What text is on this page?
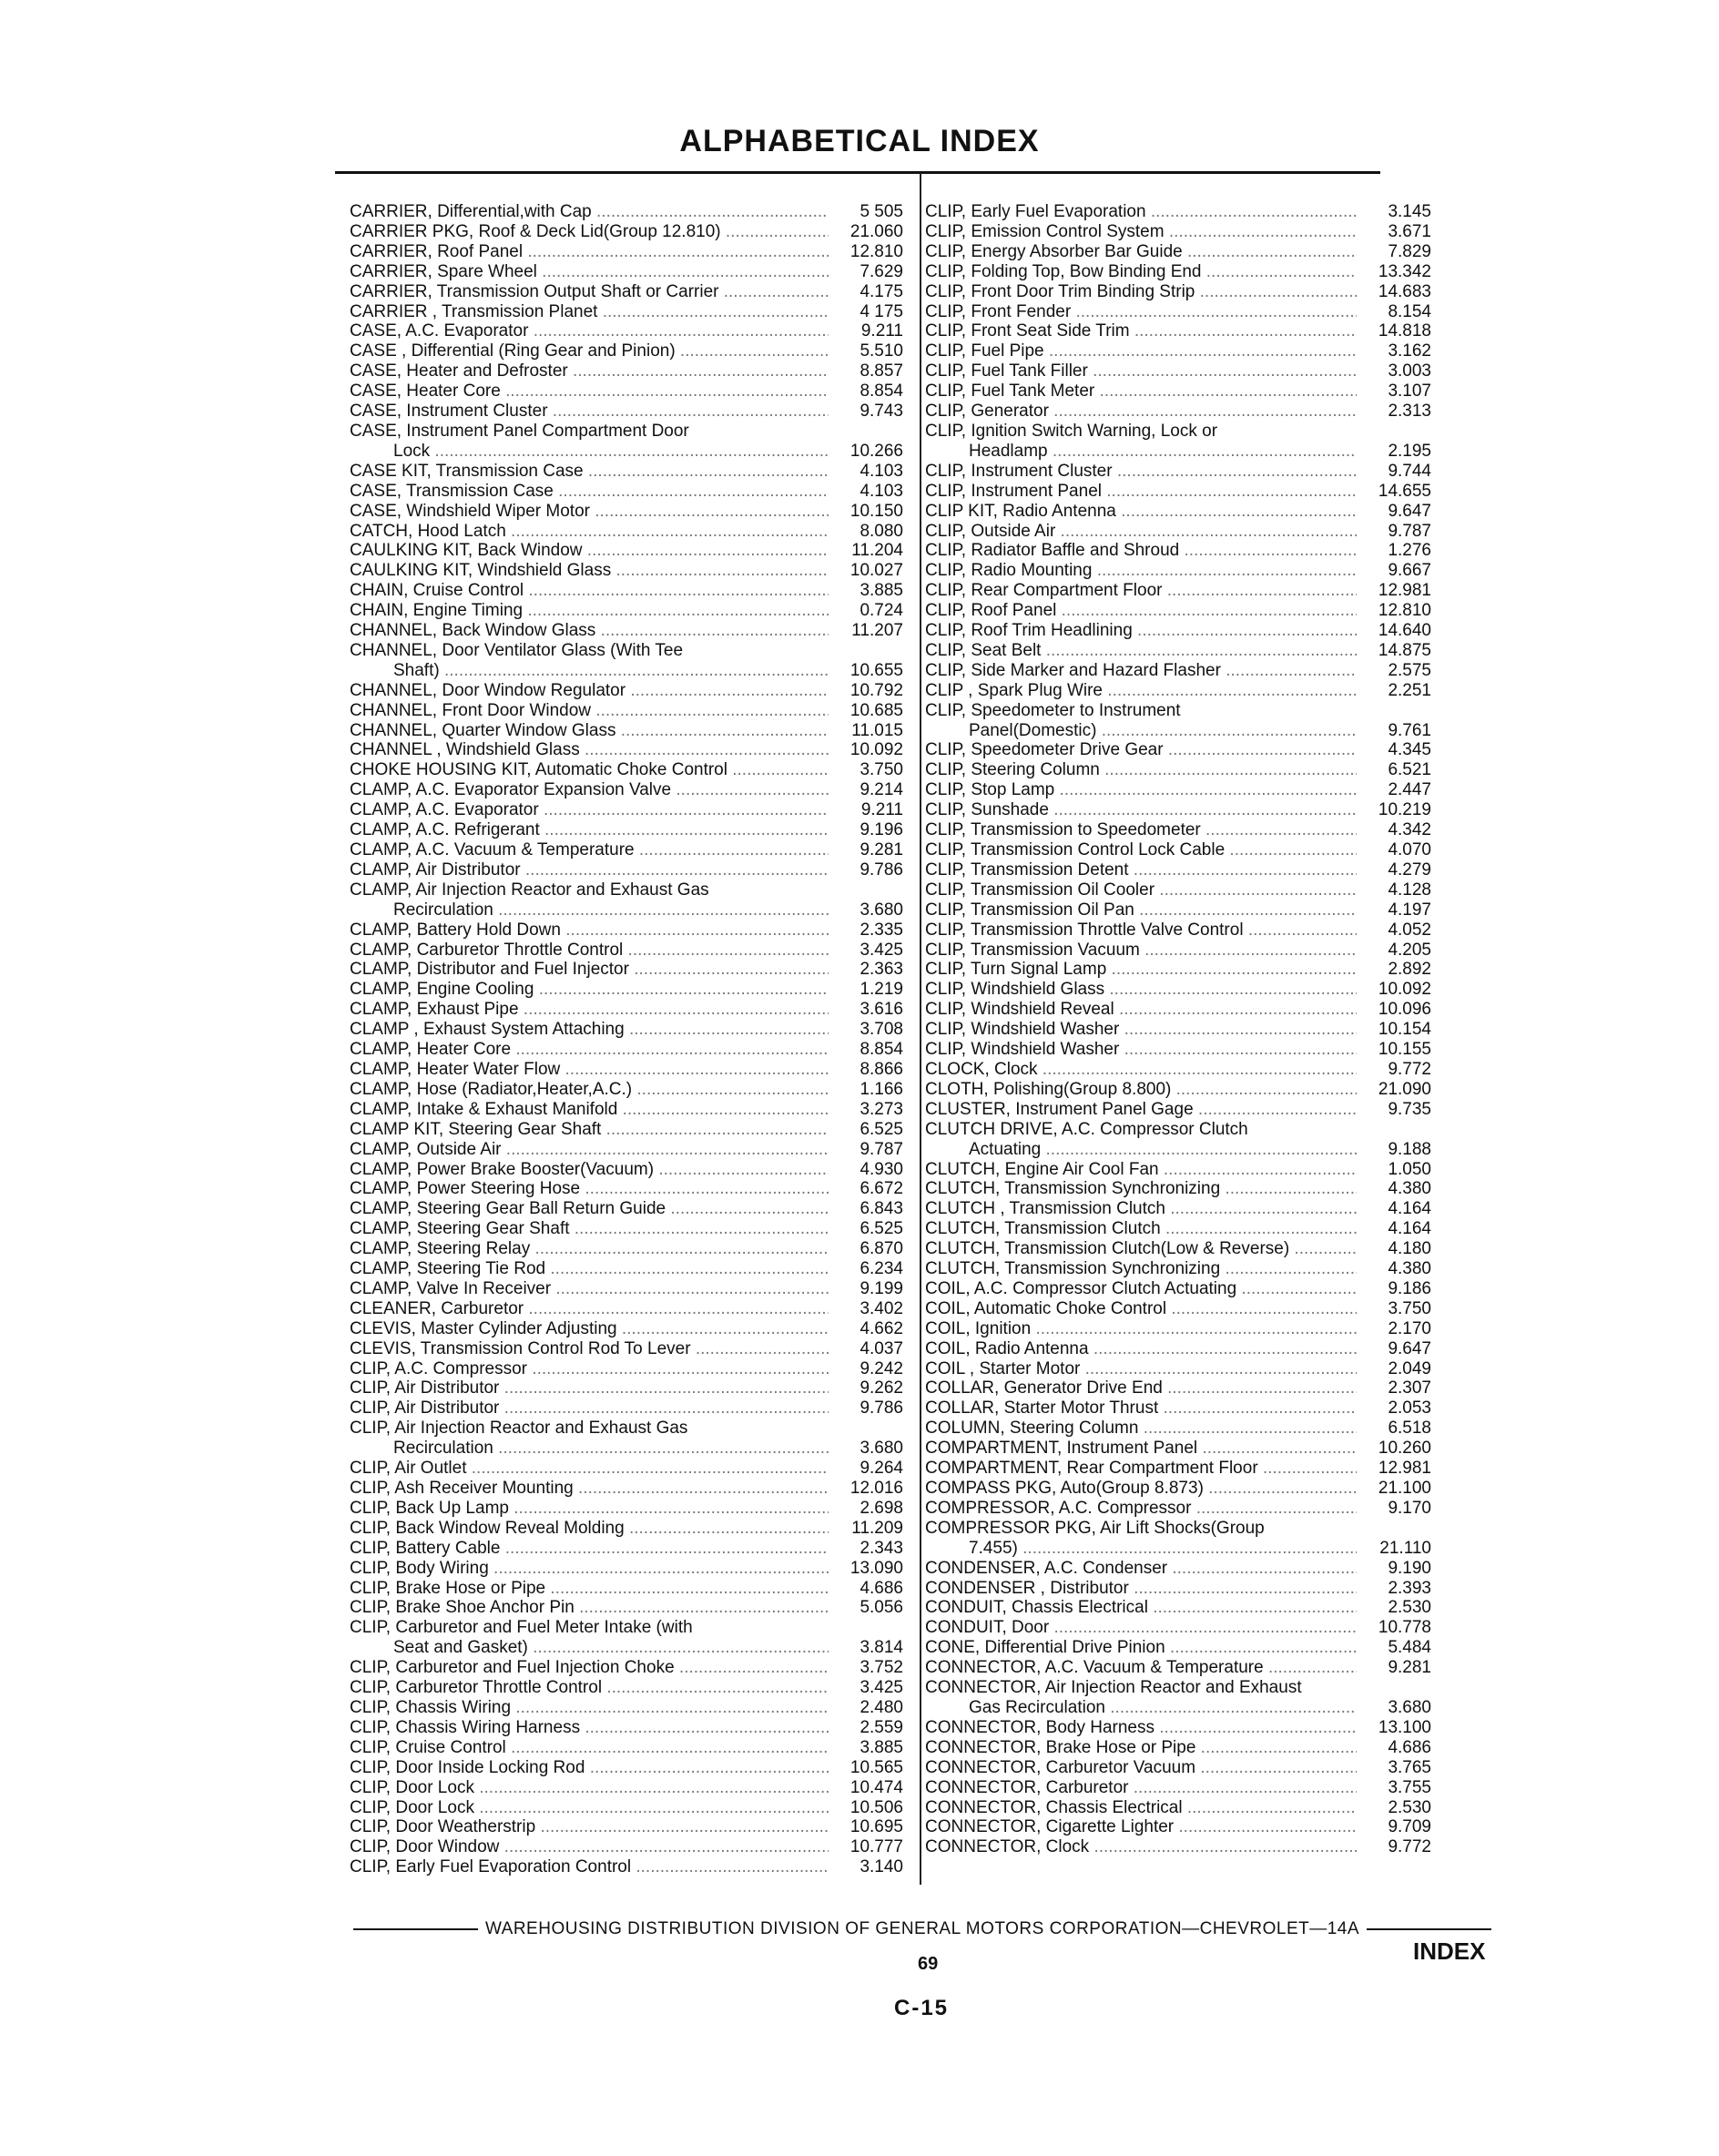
ALPHABETICAL INDEX
CARRIER, Differential,with Cap .....	5 505
CARRIER PKG, Roof & Deck Lid(Group 12.810) .....	21.060
CARRIER, Roof Panel .....	12.810
CARRIER, Spare Wheel .....	7.629
CARRIER, Transmission Output Shaft or Carrier .....	4.175
CARRIER , Transmission Planet .....	4 175
CASE, A.C. Evaporator .....	9.211
CASE , Differential (Ring Gear and Pinion) .....	5.510
CASE, Heater and Defroster .....	8.857
CASE, Heater Core .....	8.854
CASE, Instrument Cluster .....	9.743
CASE, Instrument Panel Compartment Door
Lock .....	10.266
CASE KIT, Transmission Case .....	4.103
CASE, Transmission Case .....	4.103
CASE, Windshield Wiper Motor .....	10.150
CATCH, Hood Latch .....	8.080
CAULKING KIT, Back Window .....	11.204
CAULKING KIT, Windshield Glass .....	10.027
CHAIN, Cruise Control .....	3.885
CHAIN, Engine Timing .....	0.724
CHANNEL, Back Window Glass .....	11.207
CHANNEL, Door Ventilator Glass (With Tee
Shaft) .....	10.655
CHANNEL, Door Window Regulator .....	10.792
CHANNEL, Front Door Window .....	10.685
CHANNEL, Quarter Window Glass .....	11.015
CHANNEL , Windshield Glass .....	10.092
CHOKE HOUSING KIT, Automatic Choke Control .....	3.750
CLAMP, A.C. Evaporator Expansion Valve .....	9.214
CLAMP, A.C. Evaporator .....	9.211
CLAMP, A.C. Refrigerant .....	9.196
CLAMP, A.C. Vacuum & Temperature .....	9.281
CLAMP, Air Distributor .....	9.786
CLAMP, Air Injection Reactor and Exhaust Gas
Recirculation .....	3.680
CLAMP, Battery Hold Down .....	2.335
CLAMP, Carburetor Throttle Control .....	3.425
CLAMP, Distributor and Fuel Injector .....	2.363
CLAMP, Engine Cooling .....	1.219
CLAMP, Exhaust Pipe .....	3.616
CLAMP , Exhaust System Attaching .....	3.708
CLAMP, Heater Core .....	8.854
CLAMP, Heater Water Flow .....	8.866
CLAMP, Hose (Radiator,Heater,A.C.) .....	1.166
CLAMP, Intake & Exhaust Manifold .....	3.273
CLAMP KIT, Steering Gear Shaft .....	6.525
CLAMP, Outside Air .....	9.787
CLAMP, Power Brake Booster(Vacuum) .....	4.930
CLAMP, Power Steering Hose .....	6.672
CLAMP, Steering Gear Ball Return Guide .....	6.843
CLAMP, Steering Gear Shaft .....	6.525
CLAMP, Steering Relay .....	6.870
CLAMP, Steering Tie Rod .....	6.234
CLAMP, Valve In Receiver .....	9.199
CLEANER, Carburetor .....	3.402
CLEVIS, Master Cylinder Adjusting .....	4.662
CLEVIS, Transmission Control Rod To Lever .....	4.037
CLIP, A.C. Compressor .....	9.242
CLIP, Air Distributor .....	9.262
CLIP, Air Distributor .....	9.786
CLIP, Air Injection Reactor and Exhaust Gas
Recirculation .....	3.680
CLIP, Air Outlet .....	9.264
CLIP, Ash Receiver Mounting .....	12.016
CLIP, Back Up Lamp .....	2.698
CLIP, Back Window Reveal Molding .....	11.209
CLIP, Battery Cable .....	2.343
CLIP, Body Wiring .....	13.090
CLIP, Brake Hose or Pipe .....	4.686
CLIP, Brake Shoe Anchor Pin .....	5.056
CLIP, Carburetor and Fuel Meter Intake (with
Seat and Gasket) .....	3.814
CLIP, Carburetor and Fuel Injection Choke .....	3.752
CLIP, Carburetor Throttle Control .....	3.425
CLIP, Chassis Wiring .....	2.480
CLIP, Chassis Wiring Harness .....	2.559
CLIP, Cruise Control .....	3.885
CLIP, Door Inside Locking Rod .....	10.565
CLIP, Door Lock .....	10.474
CLIP, Door Lock .....	10.506
CLIP, Door Weatherstrip .....	10.695
CLIP, Door Window .....	10.777
CLIP, Early Fuel Evaporation Control .....	3.140
CLIP, Early Fuel Evaporation .....	3.145
CLIP, Emission Control System .....	3.671
CLIP, Energy Absorber Bar Guide .....	7.829
CLIP, Folding Top, Bow Binding End .....	13.342
CLIP, Front Door Trim Binding Strip .....	14.683
CLIP, Front Fender .....	8.154
CLIP, Front Seat Side Trim .....	14.818
CLIP, Fuel Pipe .....	3.162
CLIP, Fuel Tank Filler .....	3.003
CLIP, Fuel Tank Meter .....	3.107
CLIP, Generator .....	2.313
CLIP, Ignition Switch Warning, Lock or
Headlamp .....	2.195
CLIP, Instrument Cluster .....	9.744
CLIP, Instrument Panel .....	14.655
CLIP KIT, Radio Antenna .....	9.647
CLIP, Outside Air .....	9.787
CLIP, Radiator Baffle and Shroud .....	1.276
CLIP, Radio Mounting .....	9.667
CLIP, Rear Compartment Floor .....	12.981
CLIP, Roof Panel .....	12.810
CLIP, Roof Trim Headlining .....	14.640
CLIP, Seat Belt .....	14.875
CLIP, Side Marker and Hazard Flasher .....	2.575
CLIP , Spark Plug Wire .....	2.251
CLIP, Speedometer to Instrument
Panel(Domestic) .....	9.761
CLIP, Speedometer Drive Gear .....	4.345
CLIP, Steering Column .....	6.521
CLIP, Stop Lamp .....	2.447
CLIP, Sunshade .....	10.219
CLIP, Transmission to Speedometer .....	4.342
CLIP, Transmission Control Lock Cable .....	4.070
CLIP, Transmission Detent .....	4.279
CLIP, Transmission Oil Cooler .....	4.128
CLIP, Transmission Oil Pan .....	4.197
CLIP, Transmission Throttle Valve Control .....	4.052
CLIP, Transmission Vacuum .....	4.205
CLIP, Turn Signal Lamp .....	2.892
CLIP, Windshield Glass .....	10.092
CLIP, Windshield Reveal .....	10.096
CLIP, Windshield Washer .....	10.154
CLIP, Windshield Washer .....	10.155
CLOCK, Clock .....	9.772
CLOTH, Polishing(Group 8.800) .....	21.090
CLUSTER, Instrument Panel Gage .....	9.735
CLUTCH DRIVE, A.C. Compressor Clutch
Actuating .....	9.188
CLUTCH, Engine Air Cool Fan .....	1.050
CLUTCH, Transmission Synchronizing .....	4.380
CLUTCH , Transmission Clutch .....	4.164
CLUTCH, Transmission Clutch .....	4.164
CLUTCH, Transmission Clutch(Low & Reverse) .....	4.180
CLUTCH, Transmission Synchronizing .....	4.380
COIL, A.C. Compressor Clutch Actuating .....	9.186
COIL, Automatic Choke Control .....	3.750
COIL, Ignition .....	2.170
COIL, Radio Antenna .....	9.647
COIL , Starter Motor .....	2.049
COLLAR, Generator Drive End .....	2.307
COLLAR, Starter Motor Thrust .....	2.053
COLUMN, Steering Column .....	6.518
COMPARTMENT, Instrument Panel .....	10.260
COMPARTMENT, Rear Compartment Floor .....	12.981
COMPASS PKG, Auto(Group 8.873) .....	21.100
COMPRESSOR, A.C. Compressor .....	9.170
COMPRESSOR PKG, Air Lift Shocks(Group
7.455) .....	21.110
CONDENSER, A.C. Condenser .....	9.190
CONDENSER , Distributor .....	2.393
CONDUIT, Chassis Electrical .....	2.530
CONDUIT, Door .....	10.778
CONE, Differential Drive Pinion .....	5.484
CONNECTOR, A.C. Vacuum & Temperature .....	9.281
CONNECTOR, Air Injection Reactor and Exhaust
Gas Recirculation .....	3.680
CONNECTOR, Body Harness .....	13.100
CONNECTOR, Brake Hose or Pipe .....	4.686
CONNECTOR, Carburetor Vacuum .....	3.765
CONNECTOR, Carburetor .....	3.755
CONNECTOR, Chassis Electrical .....	2.530
CONNECTOR, Cigarette Lighter .....	9.709
CONNECTOR, Clock .....	9.772
WAREHOUSING DISTRIBUTION DIVISION OF GENERAL MOTORS CORPORATION—CHEVROLET—14A
INDEX
69
C-15
